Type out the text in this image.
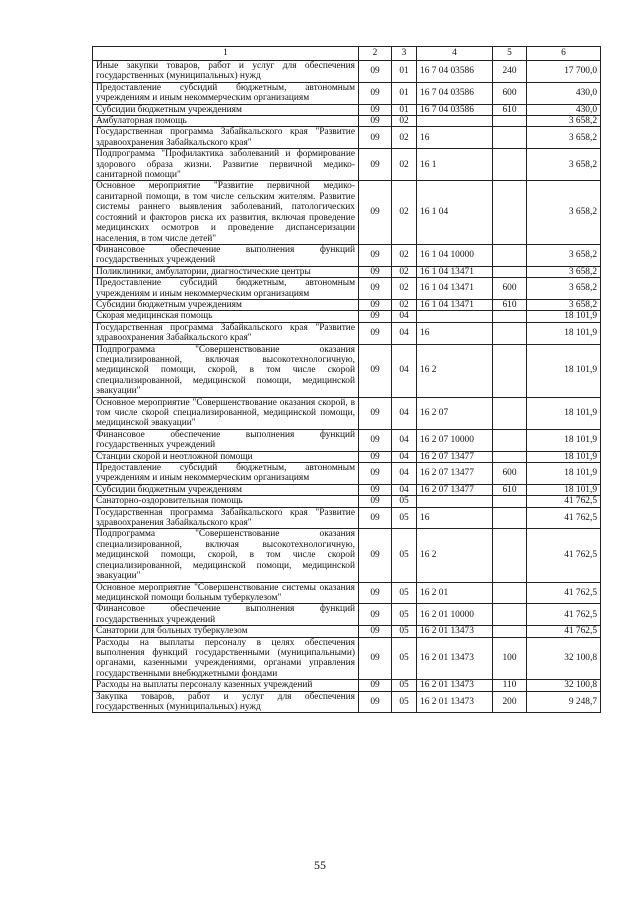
1	2	3	4	5	6
Иные закупки товаров, работ и услуг для обеспечения государственных (муниципальных) нужд	09	01	16 7 04 03586	240	17 700,0
Предоставление субсидий бюджетным, автономным учреждениям и иным некоммерческим организациям	09	01	16 7 04 03586	600	430,0
Субсидии бюджетным учреждениям	09	01	16 7 04 03586	610	430,0
Амбулаторная помощь	09	02			3 658,2
Государственная программа Забайкальского края "Развитие здравоохранения Забайкальского края"	09	02	16		3 658,2
Подпрограмма "Профилактика заболеваний и формирование здорового образа жизни. Развитие первичной медико-санитарной помощи"	09	02	16 1		3 658,2
Основное мероприятие "Развитие первичной медико-санитарной помощи, в том числе сельским жителям. Развитие системы раннего выявления заболеваний, патологических состояний и факторов риска их развития, включая проведение медицинских осмотров и проведение диспансеризации населения, в том числе детей"	09	02	16 1 04		3 658,2
Финансовое обеспечение выполнения функций государственных учреждений	09	02	16 1 04 10000		3 658,2
Поликлиники, амбулатории, диагностические центры	09	02	16 1 04 13471		3 658,2
Предоставление субсидий бюджетным, автономным учреждениям и иным некоммерческим организациям	09	02	16 1 04 13471	600	3 658,2
Субсидии бюджетным учреждениям	09	02	16 1 04 13471	610	3 658,2
Скорая медицинская помощь	09	04			18 101,9
Государственная программа Забайкальского края "Развитие здравоохранения Забайкальского края"	09	04	16		18 101,9
Подпрограмма "Совершенствование оказания специализированной, включая высокотехнологичную, медицинской помощи, скорой, в том числе скорой специализированной, медицинской помощи, медицинской эвакуации"	09	04	16 2		18 101,9
Основное мероприятие "Совершенствование оказания скорой, в том числе скорой специализированной, медицинской помощи, медицинской эвакуации"	09	04	16 2 07		18 101,9
Финансовое обеспечение выполнения функций государственных учреждений	09	04	16 2 07 10000		18 101,9
Станции скорой и неотложной помощи	09	04	16 2 07 13477		18 101,9
Предоставление субсидий бюджетным, автономным учреждениям и иным некоммерческим организациям	09	04	16 2 07 13477	600	18 101,9
Субсидии бюджетным учреждениям	09	04	16 2 07 13477	610	18 101,9
Санаторно-оздоровительная помощь	09	05			41 762,5
Государственная программа Забайкальского края "Развитие здравоохранения Забайкальского края"	09	05	16		41 762,5
Подпрограмма "Совершенствование оказания специализированной, включая высокотехнологичную, медицинской помощи, скорой, в том числе скорой специализированной, медицинской помощи, медицинской эвакуации"	09	05	16 2		41 762,5
Основное мероприятие "Совершенствование системы оказания медицинской помощи больным туберкулезом"	09	05	16 2 01		41 762,5
Финансовое обеспечение выполнения функций государственных учреждений	09	05	16 2 01 10000		41 762,5
Санатории для больных туберкулезом	09	05	16 2 01 13473		41 762,5
Расходы на выплаты персоналу в целях обеспечения выполнения функций государственными (муниципальными) органами, казенными учреждениями, органами управления государственными внебюджетными фондами	09	05	16 2 01 13473	100	32 100,8
Расходы на выплаты персоналу казенных учреждений	09	05	16 2 01 13473	110	32 100,8
Закупка товаров, работ и услуг для обеспечения государственных (муниципальных) нужд	09	05	16 2 01 13473	200	9 248,7
55
